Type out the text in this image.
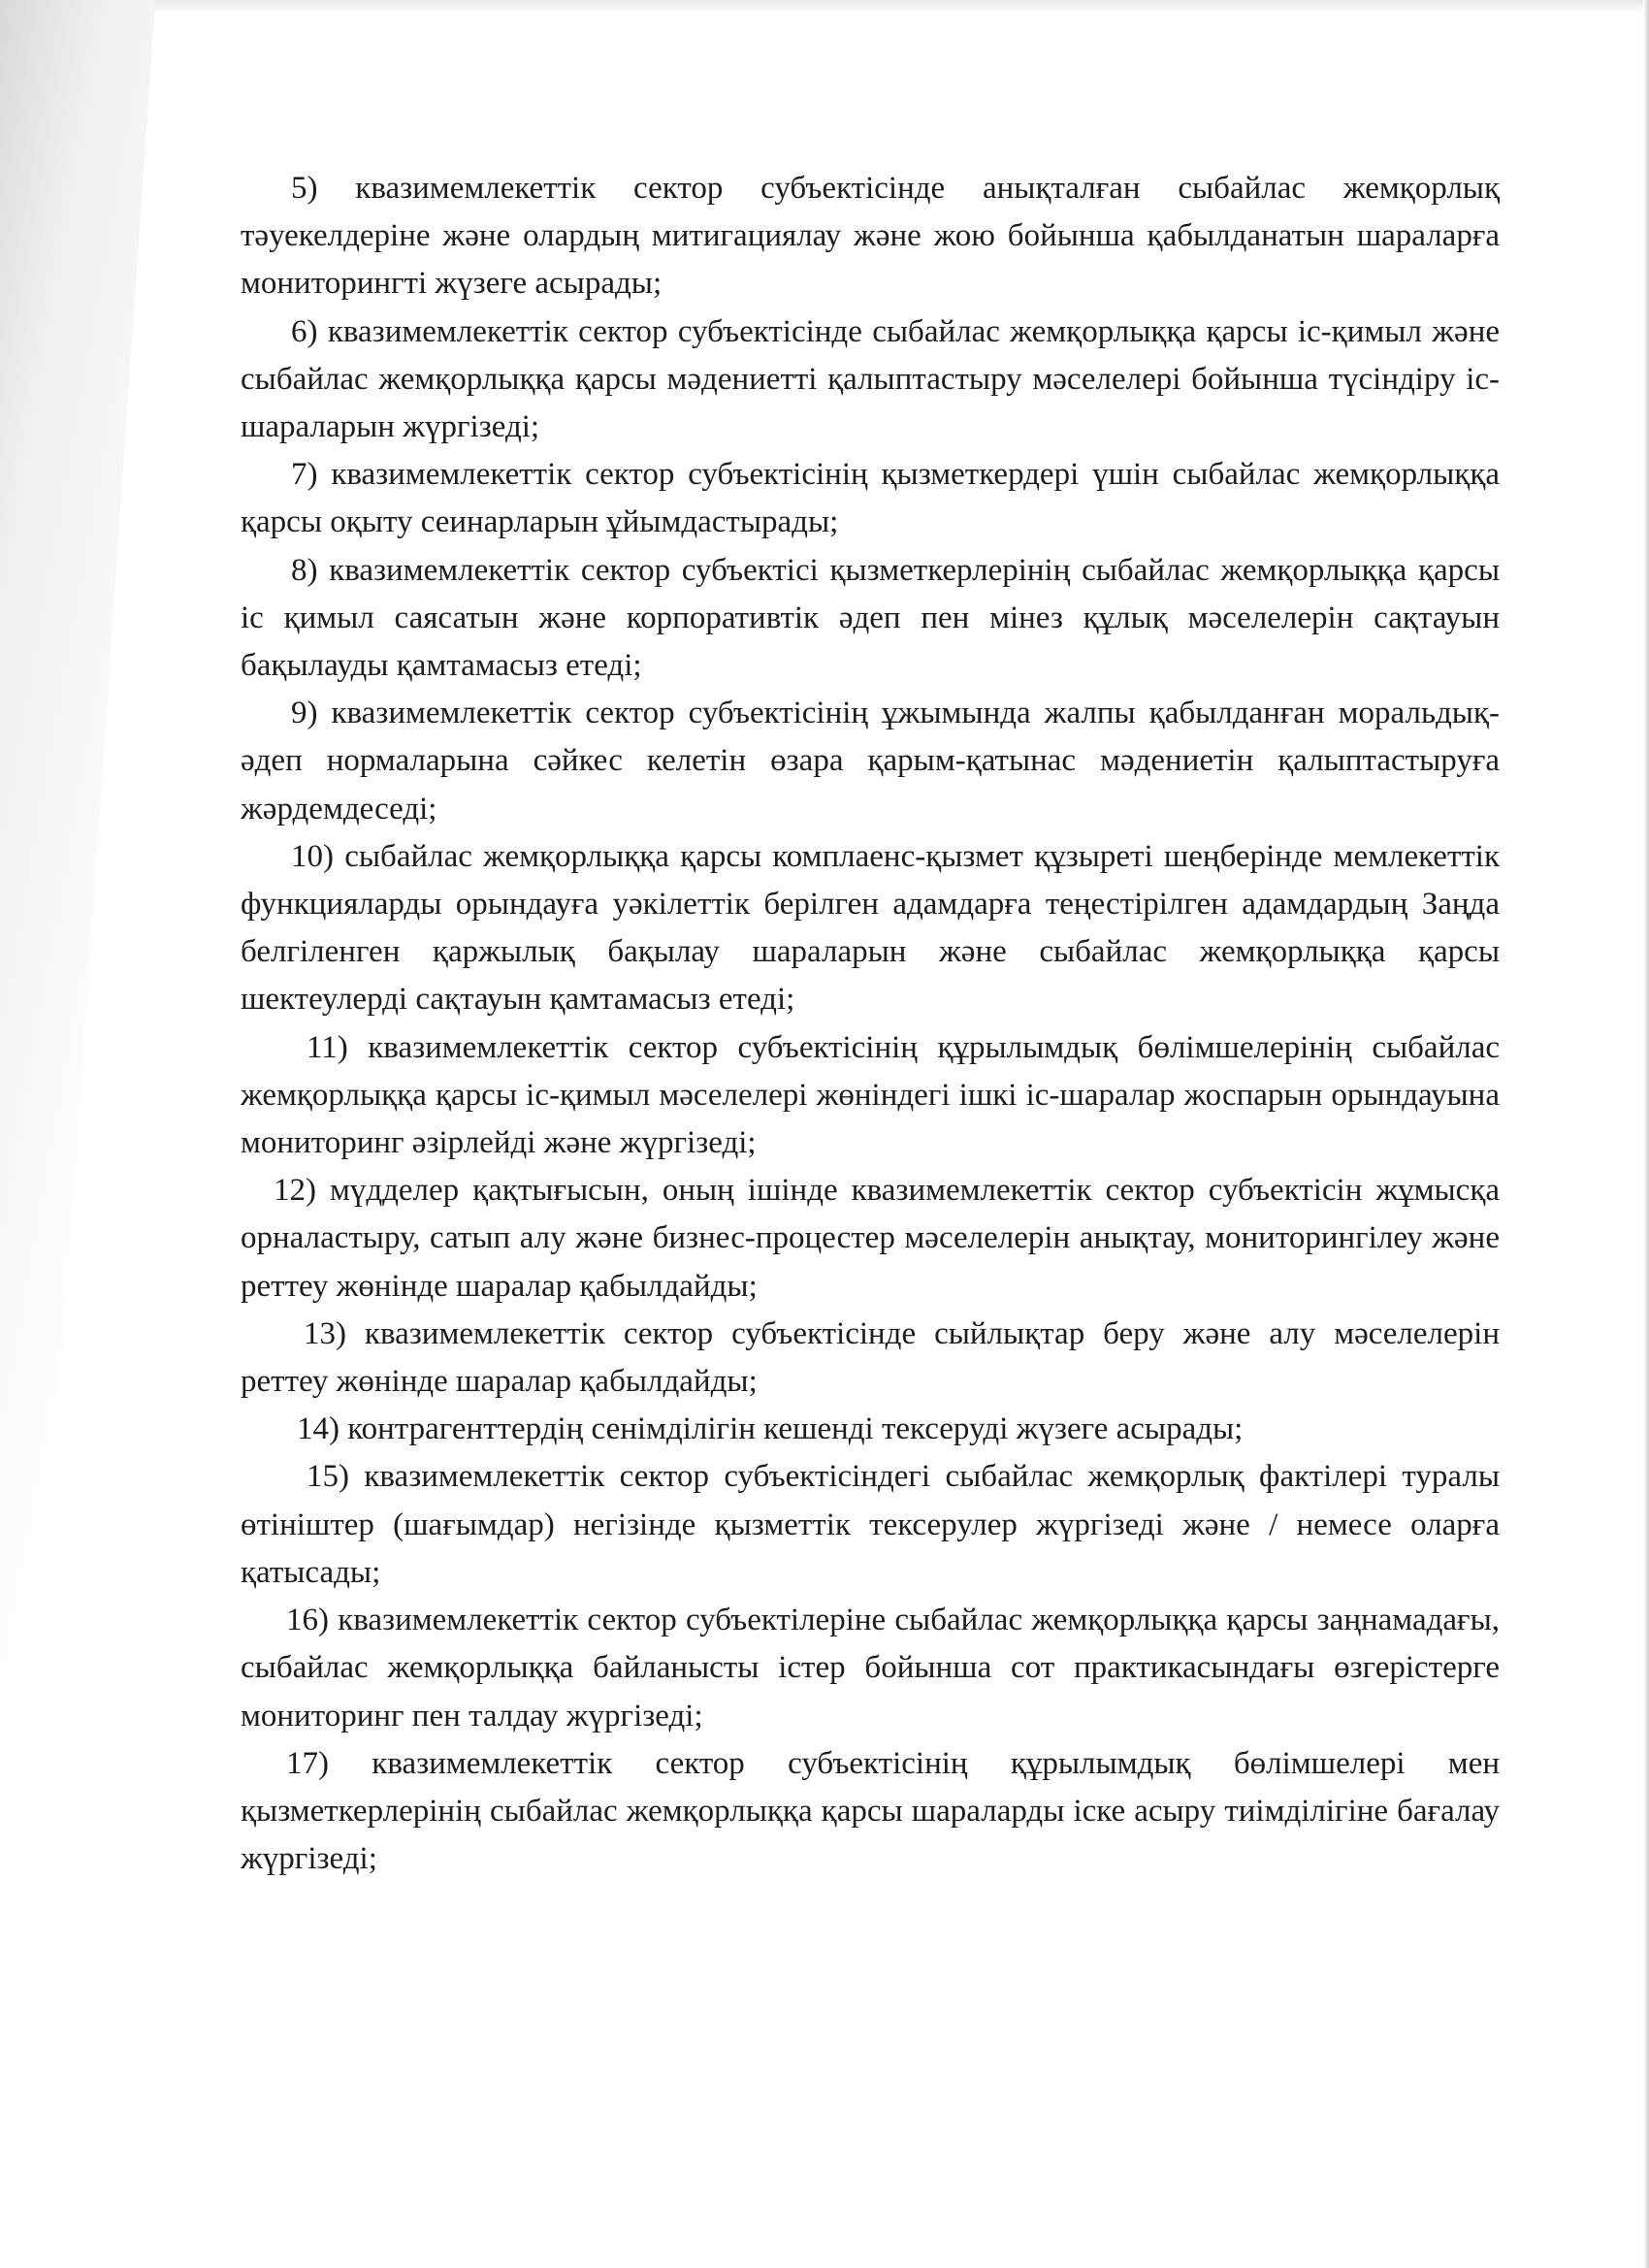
5) квазимемлекеттік сектор субъектісінде анықталған сыбайлас жемқорлық тәуекелдеріне және олардың митигациялау және жою бойынша қабылданатын шараларға мониторингті жүзеге асырады;

6) квазимемлекеттік сектор субъектісінде сыбайлас жемқорлыққа қарсы іс-қимыл және сыбайлас жемқорлыққа қарсы мәдениетті қалыптастыру мәселелері бойынша түсіндіру іс-шараларын жүргізеді;

7) квазимемлекеттік сектор субъектісінің қызметкердері үшін сыбайлас жемқорлыққа қарсы оқыту сеинарларын ұйымдастырады;

8) квазимемлекеттік сектор субъектісі қызметкерлерінің сыбайлас жемқорлыққа қарсы іс қимыл саясатын және корпоративтік әдеп пен мінез құлық мәселелерін сақтауын бақылауды қамтамасыз етеді;

9) квазимемлекеттік сектор субъектісінің ұжымында жалпы қабылданған моральдық-әдеп нормаларына сәйкес келетін өзара қарым-қатынас мәдениетін қалыптастыруға жәрдемдеседі;

10) сыбайлас жемқорлыққа қарсы комплаенс-қызмет құзыреті шеңберінде мемлекеттік функцияларды орындауға уәкілеттік берілген адамдарға теңестірілген адамдардың Заңда белгіленген қаржылық бақылау шараларын және сыбайлас жемқорлыққа қарсы шектеулерді сақтауын қамтамасыз етеді;

11) квазимемлекеттік сектор субъектісінің құрылымдық бөлімшелерінің сыбайлас жемқорлыққа қарсы іс-қимыл мәселелері жөніндегі ішкі іс-шаралар жоспарын орындауына мониторинг әзірлейді және жүргізеді;

12) мүдделер қақтығысын, оның ішінде квазимемлекеттік сектор субъектісін жұмысқа орналастыру, сатып алу және бизнес-процестер мәселелерін анықтау, мониторингілеу және реттеу жөнінде шаралар қабылдайды;

13) квазимемлекеттік сектор субъектісінде сыйлықтар беру және алу мәселелерін реттеу жөнінде шаралар қабылдайды;

14) контрагенттердің сенімділігін кешенді тексеруді жүзеге асырады;

15) квазимемлекеттік сектор субъектісіндегі сыбайлас жемқорлық фактілері туралы өтініштер (шағымдар) негізінде қызметтік тексерулер жүргізеді және / немесе оларға қатысады;

16) квазимемлекеттік сектор субъектілеріне сыбайлас жемқорлыққа қарсы заңнамадағы, сыбайлас жемқорлыққа байланысты істер бойынша сот практикасындағы өзгерістерге мониторинг пен талдау жүргізеді;

17) квазимемлекеттік сектор субъектісінің құрылымдық бөлімшелері мен қызметкерлерінің сыбайлас жемқорлыққа қарсы шараларды іске асыру тиімділігіне бағалау жүргізеді;
